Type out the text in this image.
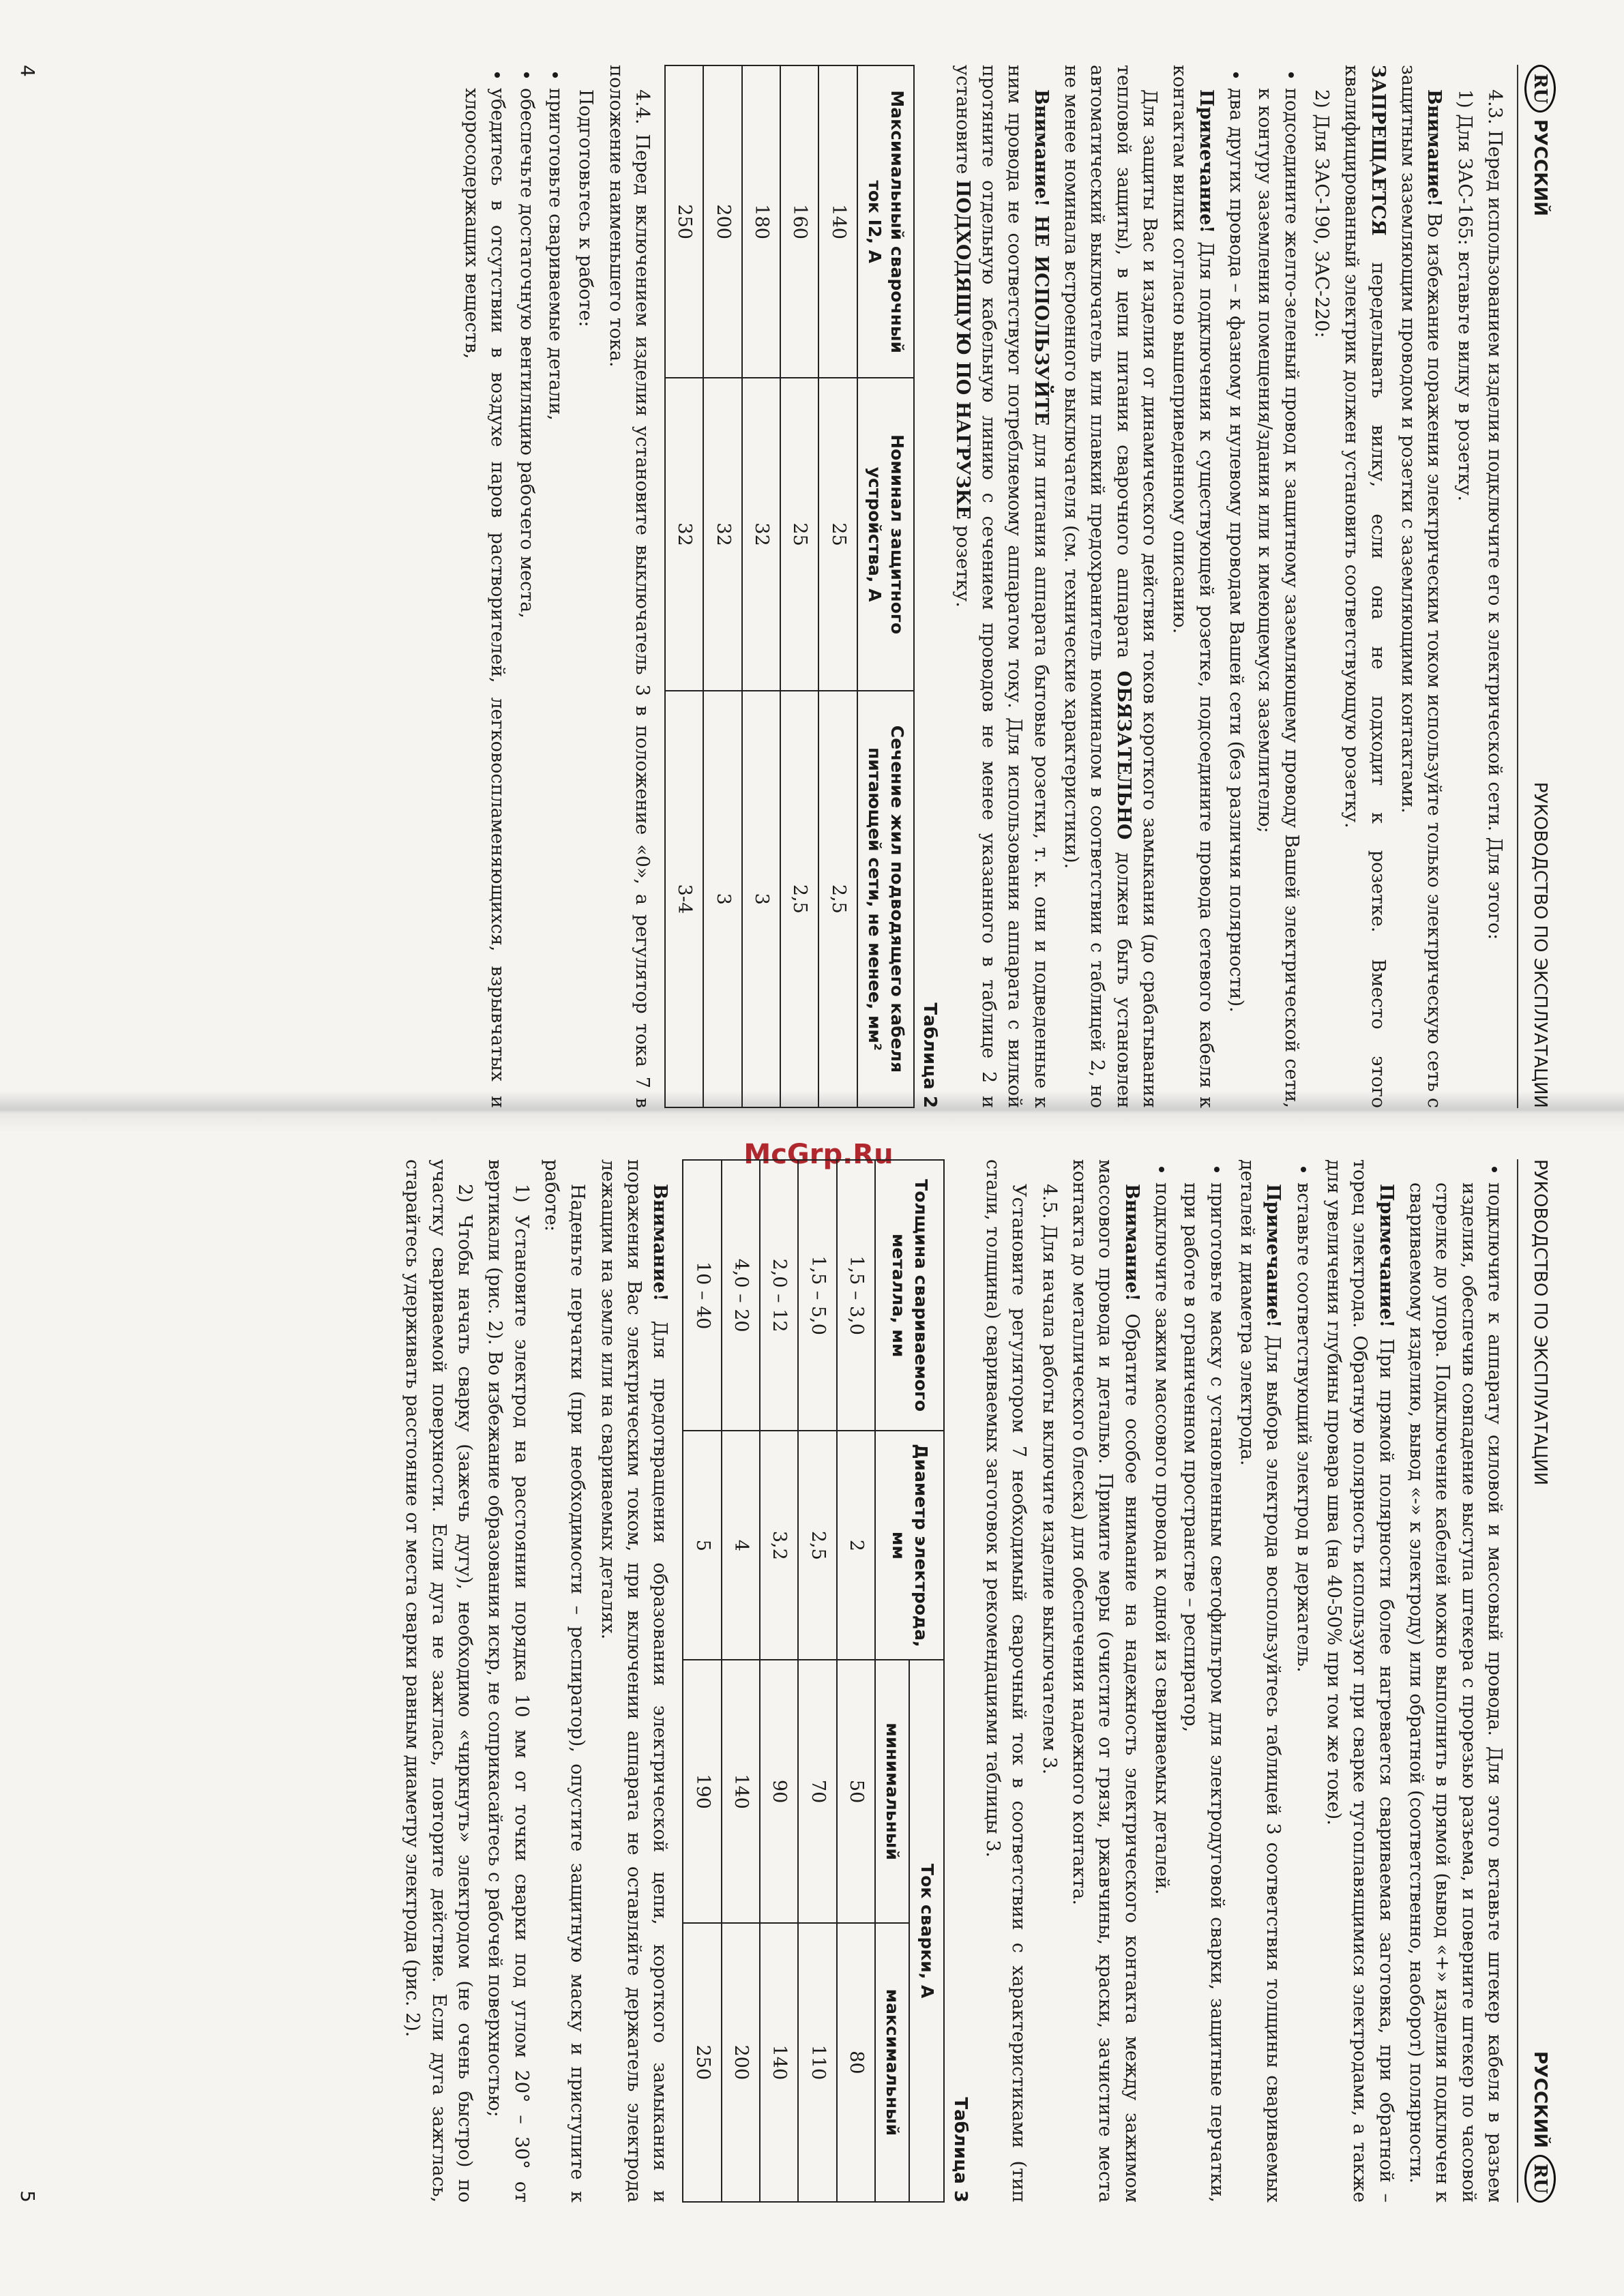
McGrp.Ru
RU
РУССКИЙ
РУКОВОДСТВО ПО ЭКСПЛУАТАЦИИ

4.3. Перед использованием изделия подключите его к электрической сети. Для этого:

1) Для ЗАС-165: вставьте вилку в розетку.

Внимание! Во избежание поражения электрическим током используйте только электрическую сеть с защитным заземляющим проводом и розетки с заземляющими контактами.

ЗАПРЕЩАЕТСЯ переделывать вилку, если она не подходит к розетке. Вместо этого квалифицированный электрик должен установить соответствующую розетку.

2) Для ЗАС-190, ЗАС-220:

• подсоедините желто-зеленый провод к защитному заземляющему проводу Вашей электрической сети, к контуру заземления помещения/здания или к имеющемуся заземлителю;
• два других провода – к фазному и нулевому проводам Вашей сети (без различия полярности).

Примечание! Для подключения к существующей розетке, подсоедините провода сетевого кабеля к контактам вилки согласно вышеприведенному описанию.

Для защиты Вас и изделия от динамического действия токов короткого замыкания (до срабатывания тепловой защиты), в цепи питания сварочного аппарата ОБЯЗАТЕЛЬНО должен быть установлен автоматический выключатель или плавкий предохранитель номиналом в соответствии с таблицей 2, но не менее номинала встроенного выключателя (см. технические характеристики).

Внимание! НЕ ИСПОЛЬЗУЙТЕ для питания аппарата бытовые розетки, т. к. они и подведенные к ним провода не соответствуют потребляемому аппаратом току. Для использования аппарата с вилкой протяните отдельную кабельную линию с сечением проводов не менее указанного в таблице 2 и установите ПОДХОДЯЩУЮ ПО НАГРУЗКЕ розетку.

Таблица 2
Максимальный сварочный ток I2, А	Номинал защитного устройства, А	Сечение жил подводящего кабеля питающей сети, не менее, мм²
140	25	2,5
160	25	2,5
180	32	3
200	32	3
250	32	3-4

4.4. Перед включением изделия установите выключатель 3 в положение «0», а регулятор тока 7 в положение наименьшего тока.

Подготовьтесь к работе:

• приготовьте свариваемые детали,
• обеспечьте достаточную вентиляцию рабочего места,
• убедитесь в отсутствии в воздухе паров растворителей, легковоспламеняющихся, взрывчатых и хлоросодержащих веществ,
4
РУКОВОДСТВО ПО ЭКСПЛУАТАЦИИ
РУССКИЙ
RU
• подключите к аппарату силовой и массовый провода. Для этого вставьте штекер кабеля в разъем изделия, обеспечив совпадение выступа штекера с прорезью разъема, и поверните штекер по часовой стрелке до упора. Подключение кабелей можно выполнить в прямой (вывод «+» изделия подключен к свариваемому изделию, вывод «-» к электроду) или обратной (соответственно, наоборот) полярности.

Примечание! При прямой полярности более нагревается свариваемая заготовка, при обратной – торец электрода. Обратную полярность используют при сварке тугоплавящимися электродами, а также для увеличения глубины провара шва (на 40-50% при том же токе).

• вставьте соответствующий электрод в держатель.

Примечание! Для выбора электрода воспользуйтесь таблицей 3 соответствия толщины свариваемых деталей и диаметра электрода.

• приготовьте маску с установленным светофильтром для электродуговой сварки, защитные перчатки, при работе в ограниченном пространстве – респиратор,
• подключите зажим массового провода к одной из свариваемых деталей.

Внимание! Обратите особое внимание на надежность электрического контакта между зажимом массового провода и деталью. Примите меры (очистите от грязи, ржавчины, краски, зачистите места контакта до металлического блеска) для обеспечения надежного контакта.

4.5. Для начала работы включите изделие выключателем 3.

Установите регулятором 7 необходимый сварочный ток в соответствии с характеристиками (тип стали, толщина) свариваемых заготовок и рекомендациями таблицы 3.

Таблица 3
Толщина свариваемого металла, мм	Диаметр электрода, мм	Ток сварки, А	
		минимальный	максимальный
1,5 – 3,0	2	50	80
1,5 – 5,0	2,5	70	110
2,0 – 12	3,2	90	140
4,0 – 20	4	140	200
10 – 40	5	190	250

Внимание! Для предотвращения образования электрической цепи, короткого замыкания и поражения Вас электрическим током, при включении аппарата не оставляйте держатель электрода лежащим на земле или на свариваемых деталях.

Наденьте перчатки (при необходимости – респиратор), опустите защитную маску и приступите к работе:

1) Установите электрод на расстоянии порядка 10 мм от точки сварки под углом 20° – 30° от вертикали (рис. 2). Во избежание образования искр, не соприкасайтесь с рабочей поверхностью;

2) Чтобы начать сварку (зажечь дугу), необходимо «чиркнуть» электродом (не очень быстро) по участку свариваемой поверхности. Если дуга не зажглась, повторите действие. Если дуга зажглась, старайтесь удерживать расстояние от места сварки равным диаметру электрода (рис. 2).

5
